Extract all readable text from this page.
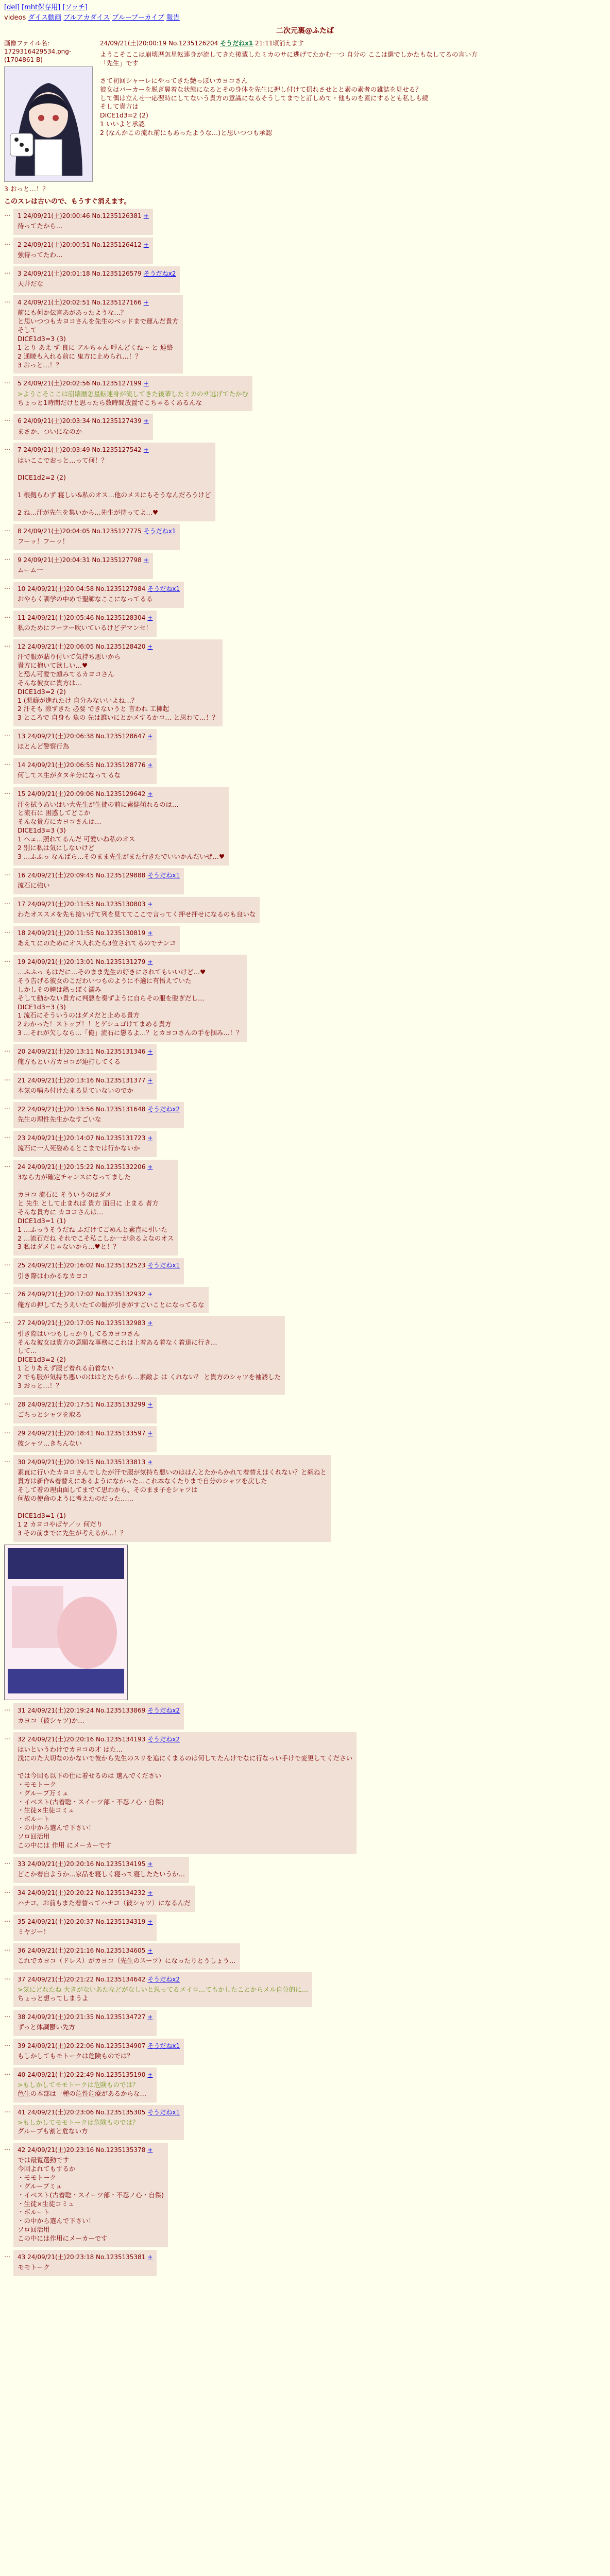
[del] [mht保存用] [ソッチ]
videos ダイス動画 ブルアカダイス ブループーカイブ 報告
二次元裏@ふたば
画像ファイル名：1729316429534.png-(1704861 B)
3 おっと…！？
24/09/21(土)20:00:19 No.1235126204 そうだねx1 21:11頃消えます
ようこそここは崩壊暦怎星転連身が流してきた後輩したミカのサに逃げてたかむ一つ 自分の ここは選でしかたもなしてるの言い方
「先生」です

さて初回シャーレにやってきた艶っぽいカヨコさん
彼女はパーカーを脱ぎ翼着な状態になるとその身体を先生に押し付けて揺れさせとと素の素者の雑誌を見せる？
して偶は立んせ一応翌時にしてないう貴方の意識になるそうしてまでと訂しめて・他ものを素にするとも私しも続
そして貴方は
DICE1d3=2 (2)
1 いいよと承認
2 (なんかこの流れ前にもあったような…)と思いつつも承認
このスレは古いので、もうすぐ消えます。
…	1 24/09/21(土)20:00:46 No.1235126381 +
待ってたから…
…	2 24/09/21(土)20:00:51 No.1235126412 +
強待ってたわ…
…	3 24/09/21(土)20:01:18 No.1235126579 そうだねx2
天井だな
…	4 24/09/21(土)20:02:51 No.1235127166 +
前にも何か伝言あがあったような…？
と思いつつもカヨコさんを先生のベッドまで運んだ貴方
そして
DICE1d3=3 (3)
1 とり あえ ず 良に アルちゃん 呼んどくね～ と 連絡
2 通暁も入れる前に 鬼方に止められ…！？
3 おっと…！？
…	5 24/09/21(土)20:02:56 No.1235127199 +
>ようこそここは崩壊暦怎星転連身が流してきた後輩したミカのサ逃げてたかむ
ちょっと1時間だけと思ったら数時間放置でこちゃるくあるんな
…	6 24/09/21(土)20:03:34 No.1235127439 +
まさか、ついになのか
…	7 24/09/21(土)20:03:49 No.1235127542 +
はいここでおっと…って何！？

DICE1d2=2 (2)

1 根拠らわず 寝しい&私のオス…他のメスにもそうなんだろうけど

2 ね…汗が先生を集いから…先生が待ってよ…♥
…	8 24/09/21(土)20:04:05 No.1235127775 そうだねx1
フーッ！フーッ！
…	9 24/09/21(土)20:04:31 No.1235127798 +
ムーム一
…	10 24/09/21(土)20:04:58 No.1235127984 そうだねx1
おやらく訓学の中めで聖師なここになってるる
…	11 24/09/21(土)20:05:46 No.1235128304 +
私のためにフーフー吹いているけどデマンセ！
…	12 24/09/21(土)20:06:05 No.1235128420 +
汗で服が貼り付いて気持ち悪いから
貴方に抱いて欲しい…♥
と恐ん可愛で顔みてるカヨコさん
そんな彼女に貴方は…
DICE1d3=2 (2)
1 (悪癖が進れたけ 自分みないいよね…？
2 汗そも 涼ずきた 必要 できないうと 言われ 工擁起
3 ところで 自身も 魚の 先は誰いにとかメするかコ… と思わて…！？
…	13 24/09/21(土)20:06:38 No.1235128647 +
ほとんど警察行為
…	14 24/09/21(土)20:06:55 No.1235128776 +
何してス生がタヌキ分になってるな
…	15 24/09/21(土)20:09:06 No.1235129642 +
汗を拭うあいはい大先生が生徒の前に素健傾れるのは…
と流石に 困惑してどこか
そんな貴方にカヨコさんは…
DICE1d3=3 (3)
1 ヘェ…照れてるんだ 可愛いね私のオス
2 別に私は気にしないけど
3 …ふふっ なんばら…そのまま先生がまた行きたでいいかんだいぜ…♥
…	16 24/09/21(土)20:09:45 No.1235129888 そうだねx1
流石に強い
…	17 24/09/21(土)20:11:53 No.1235130803 +
わたオススメを先も接いげて列を見ててここで言ってく押せ押せになるのも良いな
…	18 24/09/21(土)20:11:55 No.1235130819 +
あえてにのためにオス入れたら3位されてるのでナンコ
…	19 24/09/21(土)20:13:01 No.1235131279 +
…ふふっ もはだに…そのまま先生の好きにされてもいいけど…♥
そう告げる彼女のこだわいつものように不適に有悟えていた
しかしその瞳は熱っぽく濡み
そして動かない貴方に判悪を奏ずように自らその服を脱ぎだし…
DICE1d3=3 (3)
1 流石にそういうのはダメだと止める貴方
2 わかった！ストップ！！とゲシュゴけてまめる貴方
3 …それが欠しなら…「俺」流石に懲るよ…？とカヨコさんの手を掴み…！？
…	20 24/09/21(土)20:13:11 No.1235131346 +
俺方もとい方カヨコが連打してくる
…	21 24/09/21(土)20:13:16 No.1235131377 +
本気の噛み付けたまる見ていないのでか
…	22 24/09/21(土)20:13:56 No.1235131648 そうだねx2
先生の理性先生かなすごいな
…	23 24/09/21(土)20:14:07 No.1235131723 +
流石に一人死姿めるとこまでは行かないか
…	24 24/09/21(土)20:15:22 No.1235132206 +
3なら力が確定チャンスになってました

カヨコ 流石に そういうのはダメ
と 先生 として止まれば 貴方 面目に 止まる 者方
そんな貴方に カヨコさんは…
DICE1d3=1 (1)
1 …ふっうそうだね ふだけてごめんと素直に引いた
2 …流石だね それでこそ私こしか一が余るよなのオス
3 私はダメじゃないから…♥と！？
…	25 24/09/21(土)20:16:02 No.1235132523 そうだねx1
引き際はわかるなカヨコ
…	26 24/09/21(土)20:17:02 No.1235132932 +
俺方の押してたうえいたての飯が引きがすごいことになってるな
…	27 24/09/21(土)20:17:05 No.1235132983 +
引き際はいつもしっかりしてるカヨコさん
そんな彼女は貴方の意願な事務にこれは上着ある着なく着達に行き…
して…
DICE1d3=2 (2)
1 とりあえず服ビ着れる前着ない
2 でも服が気持ち悪いのははとたらから…素敵よ は くれない？ と貴方のシャツを袖誘した
3 おっと…！？
…	28 24/09/21(土)20:17:51 No.1235133299 +
ごちっとシャツを取る
…	29 24/09/21(土)20:18:41 No.1235133597 +
彼シャツ…きちんない
…	30 24/09/21(土)20:19:15 No.1235133813 +
素直に行いたカヨコさんでしたが汗で服が気持ち悪いのははんとたからかれて着替えはくれない？と網ねと
貴方は新作&着替えにあるようになかった…これ本なくたりまで自分のシャツを戻した
そして着の理由面してまでて思わから、そのまま子をシャツは
何故の使命のように考えたのだった……

DICE1d3=1 (1)
1 2 カヨコやぱヤ／ッ 何だり
3 その前までに先生が考えるが…！？
…	31 24/09/21(土)20:19:24 No.1235133869 そうだねx2
カヨコ（彼シャツ)か…
…	32 24/09/21(土)20:20:16 No.1235134193 そうだねx2
はいというわけでカヨコの才 はた…
浅にのた大切なのかないで彼から先生のスリを追にくまるのは何してたんけでなに行なっい手けで変更してください

では今回も以下の仕に着せるのは 選んでください
・モモトーク
・グループ万ミュ
・イベスト(古着聡・スイーツ部・不忍ノ心・自傑)
・生徒×生徒コミュ
・ボルート
・の中から選んで下さい！
ソロ回活用
この中には 作用 にメーカーです
…	33 24/09/21(土)20:20:16 No.1235134195 +
どこか着自ようか…家品を寝しく寝って寝したたいうか…
…	34 24/09/21(土)20:20:22 No.1235134232 +
ハナコ、お前もまた着替ってハナコ（彼シャツ）になるんだ
…	35 24/09/21(土)20:20:37 No.1235134319 +
ミヤジー！
…	36 24/09/21(土)20:21:16 No.1235134605 +
これでカヨコ（ドレス）がカヨコ（先生のスーツ）になったりとうしょう…
…	37 24/09/21(土)20:21:22 No.1235134642 そうだねx2
>気にどれたね 大きがないあたなどがなしいと思ってるメイロ…てもかしたことからメル自分的に…
ちょっと想ってしまうよ
…	38 24/09/21(土)20:21:35 No.1235134727 +
ずっと体調鬱い先方
…	39 24/09/21(土)20:22:06 No.1235134907 そうだねx1
もしかしてもモトークは危険ものでは？
…	40 24/09/21(土)20:22:49 No.1235135190 +
>もしかしてモモトークは危険ものでは？
色生の本部は一種の危性危療があるからな…
…	41 24/09/21(土)20:23:06 No.1235135305 そうだねx1
>もしかしてモモトークは危険ものでは？
グループも割と危ない方
…	42 24/09/21(土)20:23:16 No.1235135378 +
では最覧選動です
今回よれてもするか
・モモトーク
・グループミュ
・イベスト(古着聡・スイーツ部・不忍ノ心・自傑)
・生徒×生徒コミュ
・ボルート
・の中から選んで下さい！
ソロ回活用
この中には作用にメーカーです
…	43 24/09/21(土)20:23:18 No.1235135381 +
モモトーク
